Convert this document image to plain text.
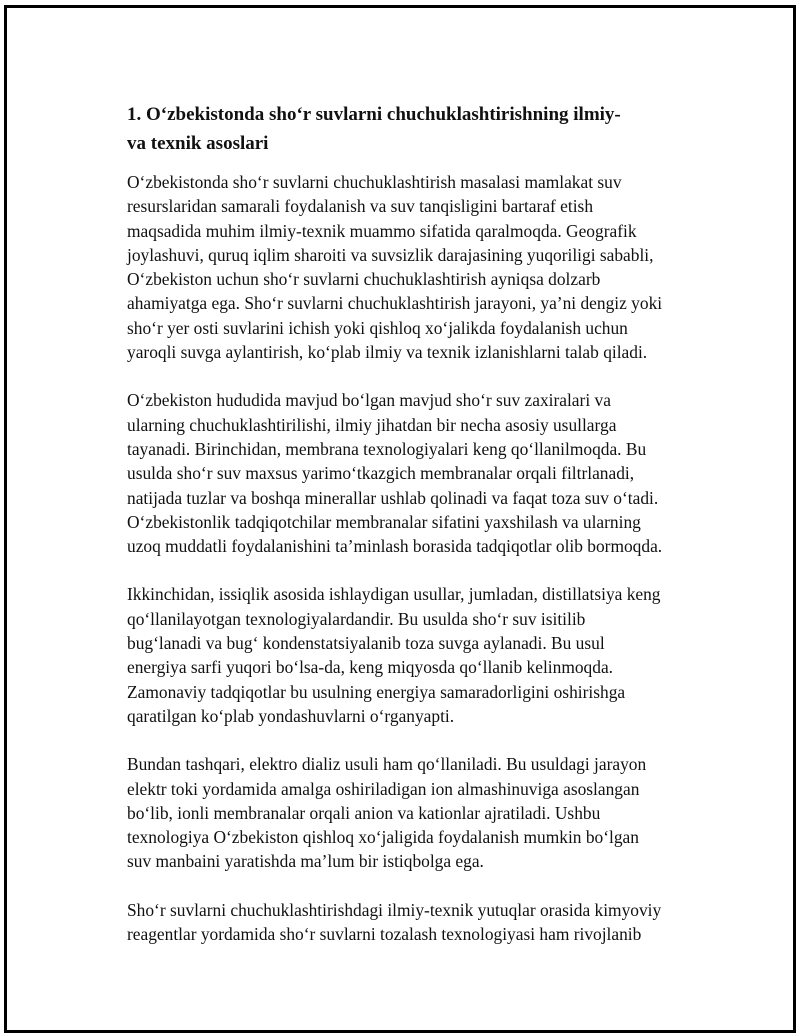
1. O‘zbekistonda sho‘r suvlarni chuchuklashtirishning ilmiy-
va texnik asoslari

O‘zbekistonda sho‘r suvlarni chuchuklashtirish masalasi mamlakat suv
resurslaridan samarali foydalanish va suv tanqisligini bartaraf etish
maqsadida muhim ilmiy-texnik muammo sifatida qaralmoqda. Geografik
joylashuvi, quruq iqlim sharoiti va suvsizlik darajasining yuqoriligi sababli,
O‘zbekiston uchun sho‘r suvlarni chuchuklashtirish ayniqsa dolzarb
ahamiyatga ega. Sho‘r suvlarni chuchuklashtirish jarayoni, ya’ni dengiz yoki
sho‘r yer osti suvlarini ichish yoki qishloq xo‘jalikda foydalanish uchun
yaroqli suvga aylantirish, ko‘plab ilmiy va texnik izlanishlarni talab qiladi.

O‘zbekiston hududida mavjud bo‘lgan mavjud sho‘r suv zaxiralari va
ularning chuchuklashtirilishi, ilmiy jihatdan bir necha asosiy usullarga
tayanadi. Birinchidan, membrana texnologiyalari keng qo‘llanilmoqda. Bu
usulda sho‘r suv maxsus yarimo‘tkazgich membranalar orqali filtrlanadi,
natijada tuzlar va boshqa minerallar ushlab qolinadi va faqat toza suv o‘tadi.
O‘zbekistonlik tadqiqotchilar membranalar sifatini yaxshilash va ularning
uzoq muddatli foydalanishini ta’minlash borasida tadqiqotlar olib bormoqda.

Ikkinchidan, issiqlik asosida ishlaydigan usullar, jumladan, distillatsiya keng
qo‘llanilayotgan texnologiyalardandir. Bu usulda sho‘r suv isitilib
bug‘lanadi va bug‘ kondenstatsiyalanib toza suvga aylanadi. Bu usul
energiya sarfi yuqori bo‘lsa-da, keng miqyosda qo‘llanib kelinmoqda.
Zamonaviy tadqiqotlar bu usulning energiya samaradorligini oshirishga
qaratilgan ko‘plab yondashuvlarni o‘rganyapti.

Bundan tashqari, elektro dializ usuli ham qo‘llaniladi. Bu usuldagi jarayon
elektr toki yordamida amalga oshiriladigan ion almashinuviga asoslangan
bo‘lib, ionli membranalar orqali anion va kationlar ajratiladi. Ushbu
texnologiya O‘zbekiston qishloq xo‘jaligida foydalanish mumkin bo‘lgan
suv manbaini yaratishda ma’lum bir istiqbolga ega.

Sho‘r suvlarni chuchuklashtirishdagi ilmiy-texnik yutuqlar orasida kimyoviy
reagentlar yordamida sho‘r suvlarni tozalash texnologiyasi ham rivojlanib
